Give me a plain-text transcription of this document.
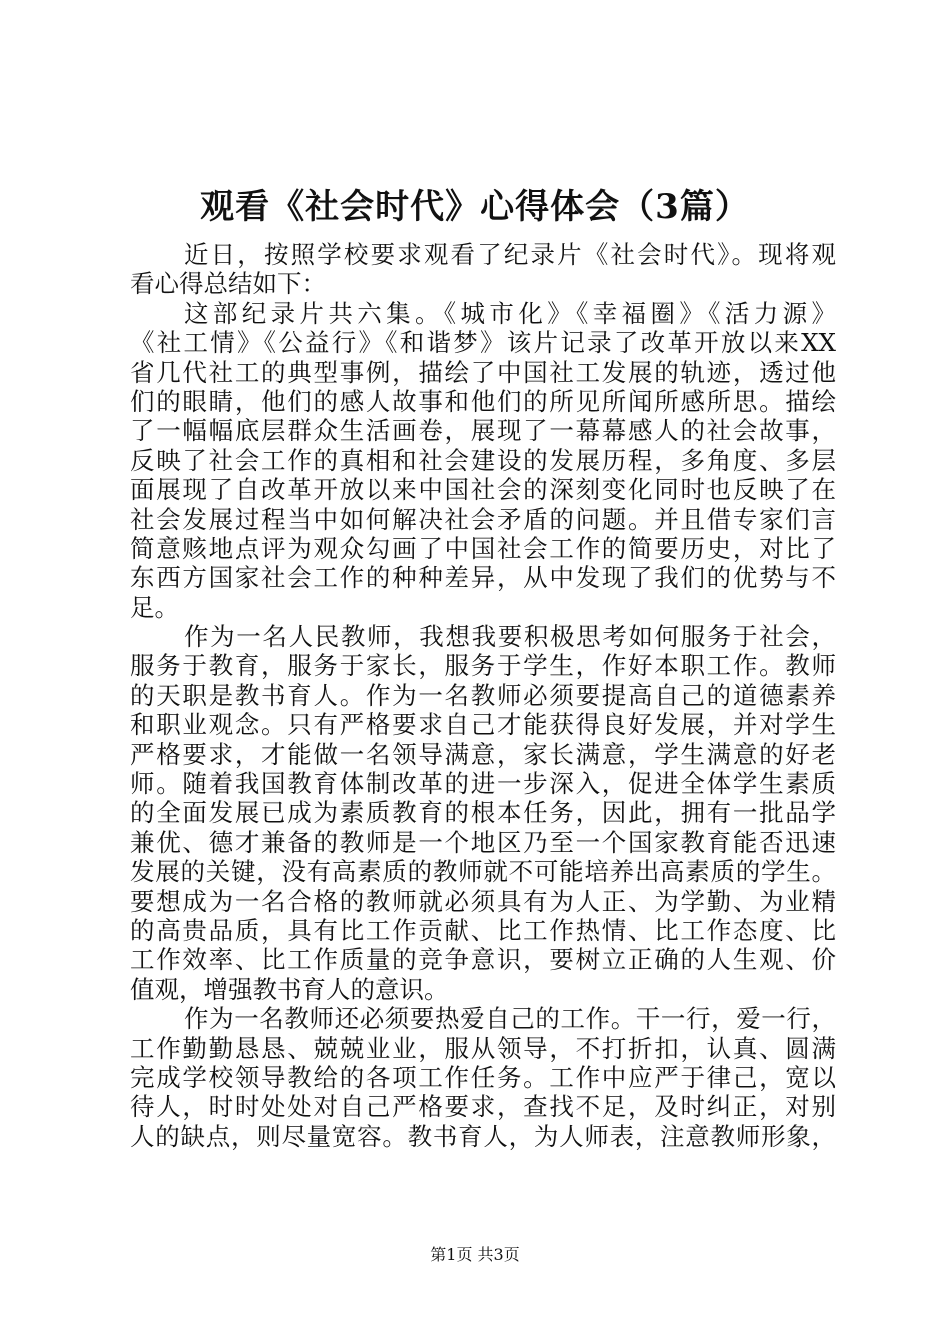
观看《社会时代》心得体会（3篇）
近日，按照学校要求观看了纪录片《社会时代》。现将观
看心得总结如下：
这部纪录片共六集。《城市化》《幸福圈》《活力源》
《社工情》《公益行》《和谐梦》该片记录了改革开放以来XX
省几代社工的典型事例，描绘了中国社工发展的轨迹，透过他
们的眼睛，他们的感人故事和他们的所见所闻所感所思。描绘
了一幅幅底层群众生活画卷，展现了一幕幕感人的社会故事，
反映了社会工作的真相和社会建设的发展历程，多角度、多层
面展现了自改革开放以来中国社会的深刻变化同时也反映了在
社会发展过程当中如何解决社会矛盾的问题。并且借专家们言
简意赅地点评为观众勾画了中国社会工作的简要历史，对比了
东西方国家社会工作的种种差异，从中发现了我们的优势与不
足。
作为一名人民教师，我想我要积极思考如何服务于社会，
服务于教育，服务于家长，服务于学生，作好本职工作。教师
的天职是教书育人。作为一名教师必须要提高自己的道德素养
和职业观念。只有严格要求自己才能获得良好发展，并对学生
严格要求，才能做一名领导满意，家长满意，学生满意的好老
师。随着我国教育体制改革的进一步深入，促进全体学生素质
的全面发展已成为素质教育的根本任务，因此，拥有一批品学
兼优、德才兼备的教师是一个地区乃至一个国家教育能否迅速
发展的关键，没有高素质的教师就不可能培养出高素质的学生。
要想成为一名合格的教师就必须具有为人正、为学勤、为业精
的高贵品质，具有比工作贡献、比工作热情、比工作态度、比
工作效率、比工作质量的竞争意识，要树立正确的人生观、价
值观，增强教书育人的意识。
作为一名教师还必须要热爱自己的工作。干一行，爱一行，
工作勤勤恳恳、兢兢业业，服从领导，不打折扣，认真、圆满
完成学校领导教给的各项工作任务。工作中应严于律己，宽以
待人，时时处处对自己严格要求，查找不足，及时纠正，对别
人的缺点，则尽量宽容。教书育人，为人师表，注意教师形象，
第1页 共3页
